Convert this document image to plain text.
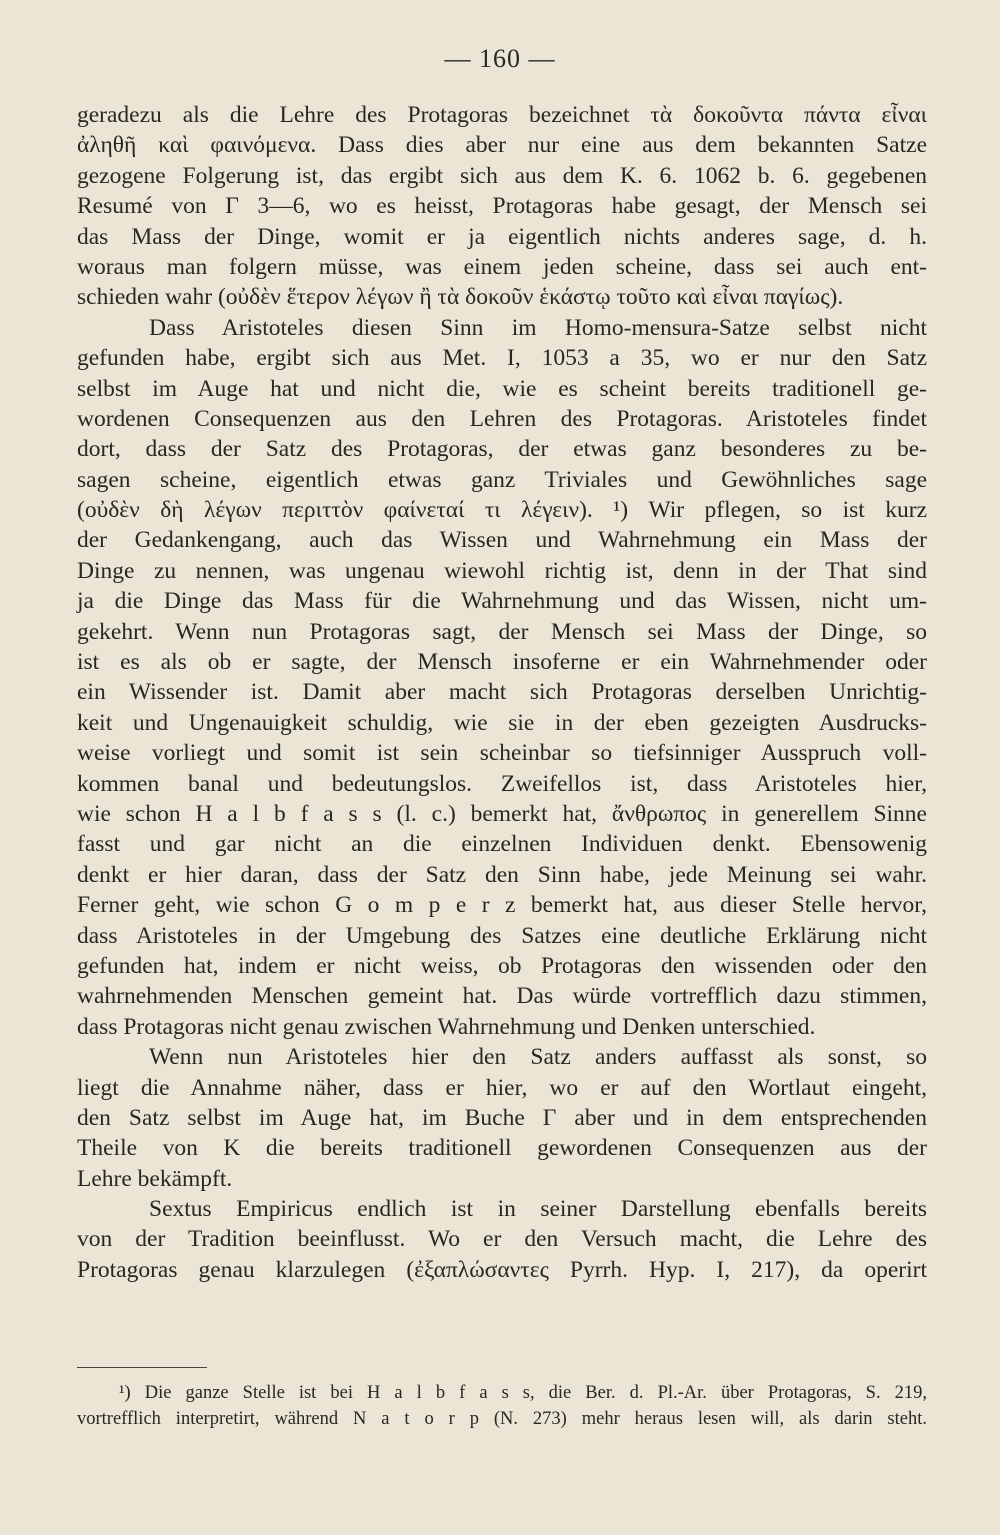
— 160 —
geradezu als die Lehre des Protagoras bezeichnet τὰ δοκοῦντα πάντα εἶναι
ἀληθῆ καὶ φαινόμενα. Dass dies aber nur eine aus dem bekannten Satze
gezogene Folgerung ist, das ergibt sich aus dem K. 6. 1062 b. 6. gegebenen
Resumé von Γ 3—6, wo es heisst, Protagoras habe gesagt, der Mensch sei
das Mass der Dinge, womit er ja eigentlich nichts anderes sage, d. h.
woraus man folgern müsse, was einem jeden scheine, dass sei auch ent-
schieden wahr (οὐδὲν ἕτερον λέγων ἢ τὰ δοκοῦν ἑκάστῳ τοῦτο καὶ εἶναι παγίως).
Dass Aristoteles diesen Sinn im Homo-mensura-Satze selbst nicht
gefunden habe, ergibt sich aus Met. I, 1053 a 35, wo er nur den Satz
selbst im Auge hat und nicht die, wie es scheint bereits traditionell ge-
wordenen Consequenzen aus den Lehren des Protagoras. Aristoteles findet
dort, dass der Satz des Protagoras, der etwas ganz besonderes zu be-
sagen scheine, eigentlich etwas ganz Triviales und Gewöhnliches sage
(οὐδὲν δὴ λέγων περιττὸν φαίνεταί τι λέγειν). ¹) Wir pflegen, so ist kurz
der Gedankengang, auch das Wissen und Wahrnehmung ein Mass der
Dinge zu nennen, was ungenau wiewohl richtig ist, denn in der That sind
ja die Dinge das Mass für die Wahrnehmung und das Wissen, nicht um-
gekehrt. Wenn nun Protagoras sagt, der Mensch sei Mass der Dinge, so
ist es als ob er sagte, der Mensch insoferne er ein Wahrnehmender oder
ein Wissender ist. Damit aber macht sich Protagoras derselben Unrichtig-
keit und Ungenauigkeit schuldig, wie sie in der eben gezeigten Ausdrucks-
weise vorliegt und somit ist sein scheinbar so tiefsinniger Ausspruch voll-
kommen banal und bedeutungslos. Zweifellos ist, dass Aristoteles hier,
wie schon H a l b f a s s (l. c.) bemerkt hat, ἄνθρωπος in generellem Sinne
fasst und gar nicht an die einzelnen Individuen denkt. Ebensowenig
denkt er hier daran, dass der Satz den Sinn habe, jede Meinung sei wahr.
Ferner geht, wie schon G o m p e r z bemerkt hat, aus dieser Stelle hervor,
dass Aristoteles in der Umgebung des Satzes eine deutliche Erklärung nicht
gefunden hat, indem er nicht weiss, ob Protagoras den wissenden oder den
wahrnehmenden Menschen gemeint hat. Das würde vortrefflich dazu stimmen,
dass Protagoras nicht genau zwischen Wahrnehmung und Denken unterschied.
Wenn nun Aristoteles hier den Satz anders auffasst als sonst, so
liegt die Annahme näher, dass er hier, wo er auf den Wortlaut eingeht,
den Satz selbst im Auge hat, im Buche Γ aber und in dem entsprechenden
Theile von K die bereits traditionell gewordenen Consequenzen aus der
Lehre bekämpft.
Sextus Empiricus endlich ist in seiner Darstellung ebenfalls bereits
von der Tradition beeinflusst. Wo er den Versuch macht, die Lehre des
Protagoras genau klarzulegen (ἐξαπλώσαντες Pyrrh. Hyp. I, 217), da operirt
¹) Die ganze Stelle ist bei H a l b f a s s, die Ber. d. Pl.-Ar. über Protagoras, S. 219,
vortrefflich interpretirt, während N a t o r p (N. 273) mehr heraus lesen will, als darin steht.
